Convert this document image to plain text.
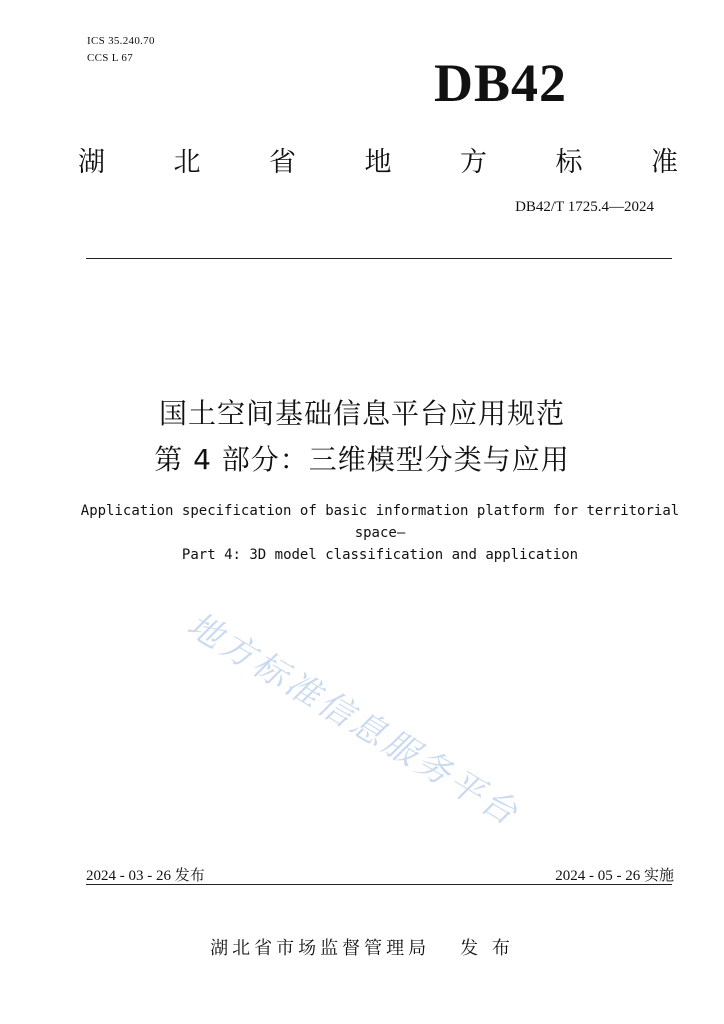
ICS 35.240.70
CCS L 67	DB42
湖	北	省	地	方	标	准
DB42/T 1725.4—2024
国土空间基础信息平台应用规范
第 4 部分：三维模型分类与应用
Application specification of basic information platform for territorial
space—
Part 4: 3D model classification and application
地方标准信息服务平台
2024 - 03 - 26 发布	2024 - 05 - 26 实施
湖北省市场监督管理局 发 布
